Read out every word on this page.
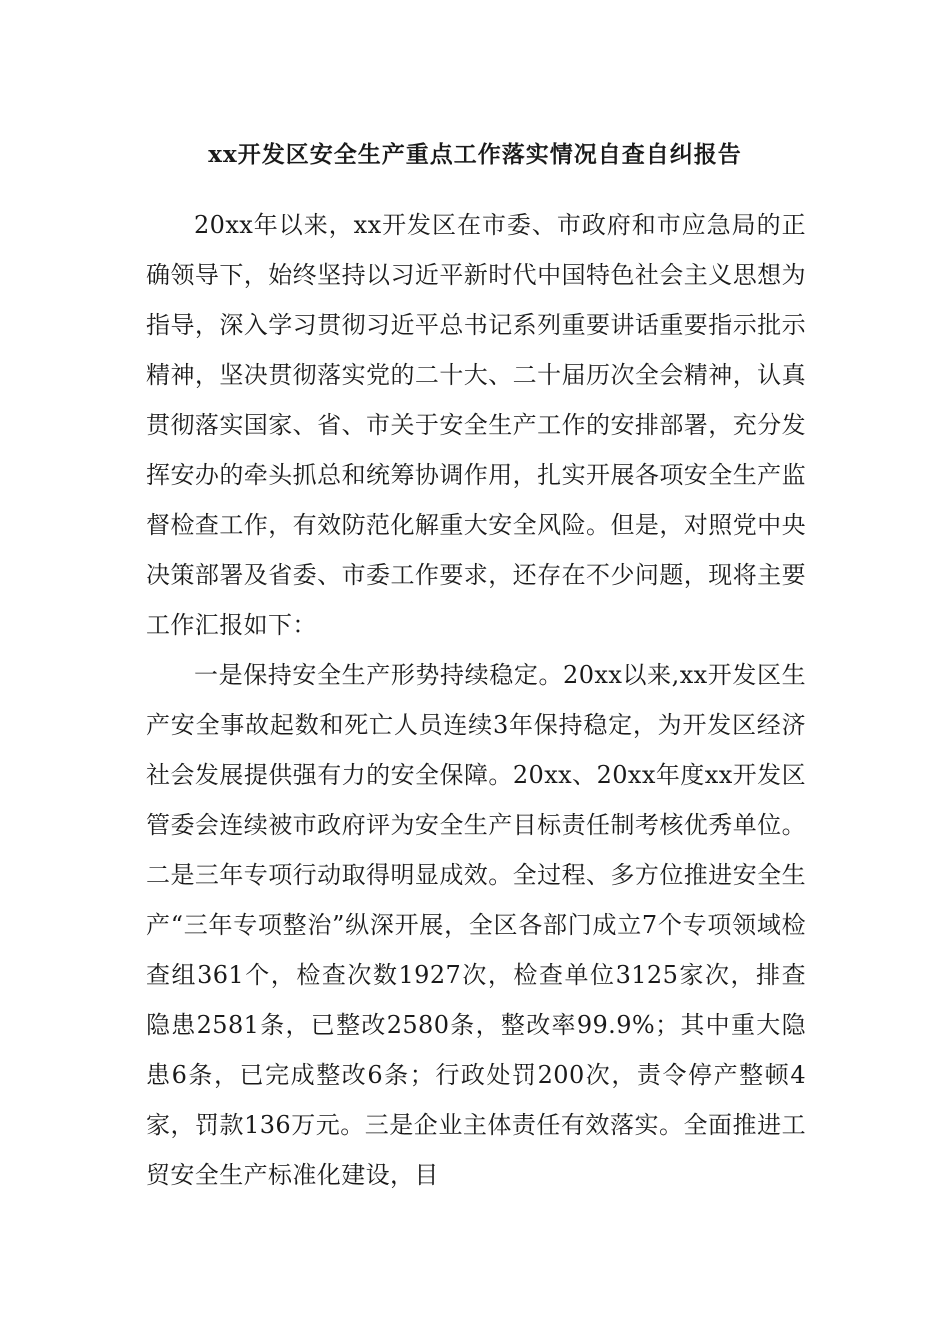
xx开发区安全生产重点工作落实情况自查自纠报告

20xx年以来，xx开发区在市委、市政府和市应急局的正确领导下，始终坚持以习近平新时代中国特色社会主义思想为指导，深入学习贯彻习近平总书记系列重要讲话重要指示批示精神，坚决贯彻落实党的二十大、二十届历次全会精神，认真贯彻落实国家、省、市关于安全生产工作的安排部署，充分发挥安办的牵头抓总和统筹协调作用，扎实开展各项安全生产监督检查工作，有效防范化解重大安全风险。但是，对照党中央决策部署及省委、市委工作要求，还存在不少问题，现将主要工作汇报如下：

一是保持安全生产形势持续稳定。20xx以来,xx开发区生产安全事故起数和死亡人员连续3年保持稳定，为开发区经济社会发展提供强有力的安全保障。20xx、20xx年度xx开发区管委会连续被市政府评为安全生产目标责任制考核优秀单位。二是三年专项行动取得明显成效。全过程、多方位推进安全生产“三年专项整治”纵深开展，全区各部门成立7个专项领域检查组361个，检查次数1927次，检查单位3125家次，排查隐患2581条，已整改2580条，整改率99.9%；其中重大隐患6条，已完成整改6条；行政处罚200次，责令停产整顿4家，罚款136万元。三是企业主体责任有效落实。全面推进工贸安全生产标准化建设，目
